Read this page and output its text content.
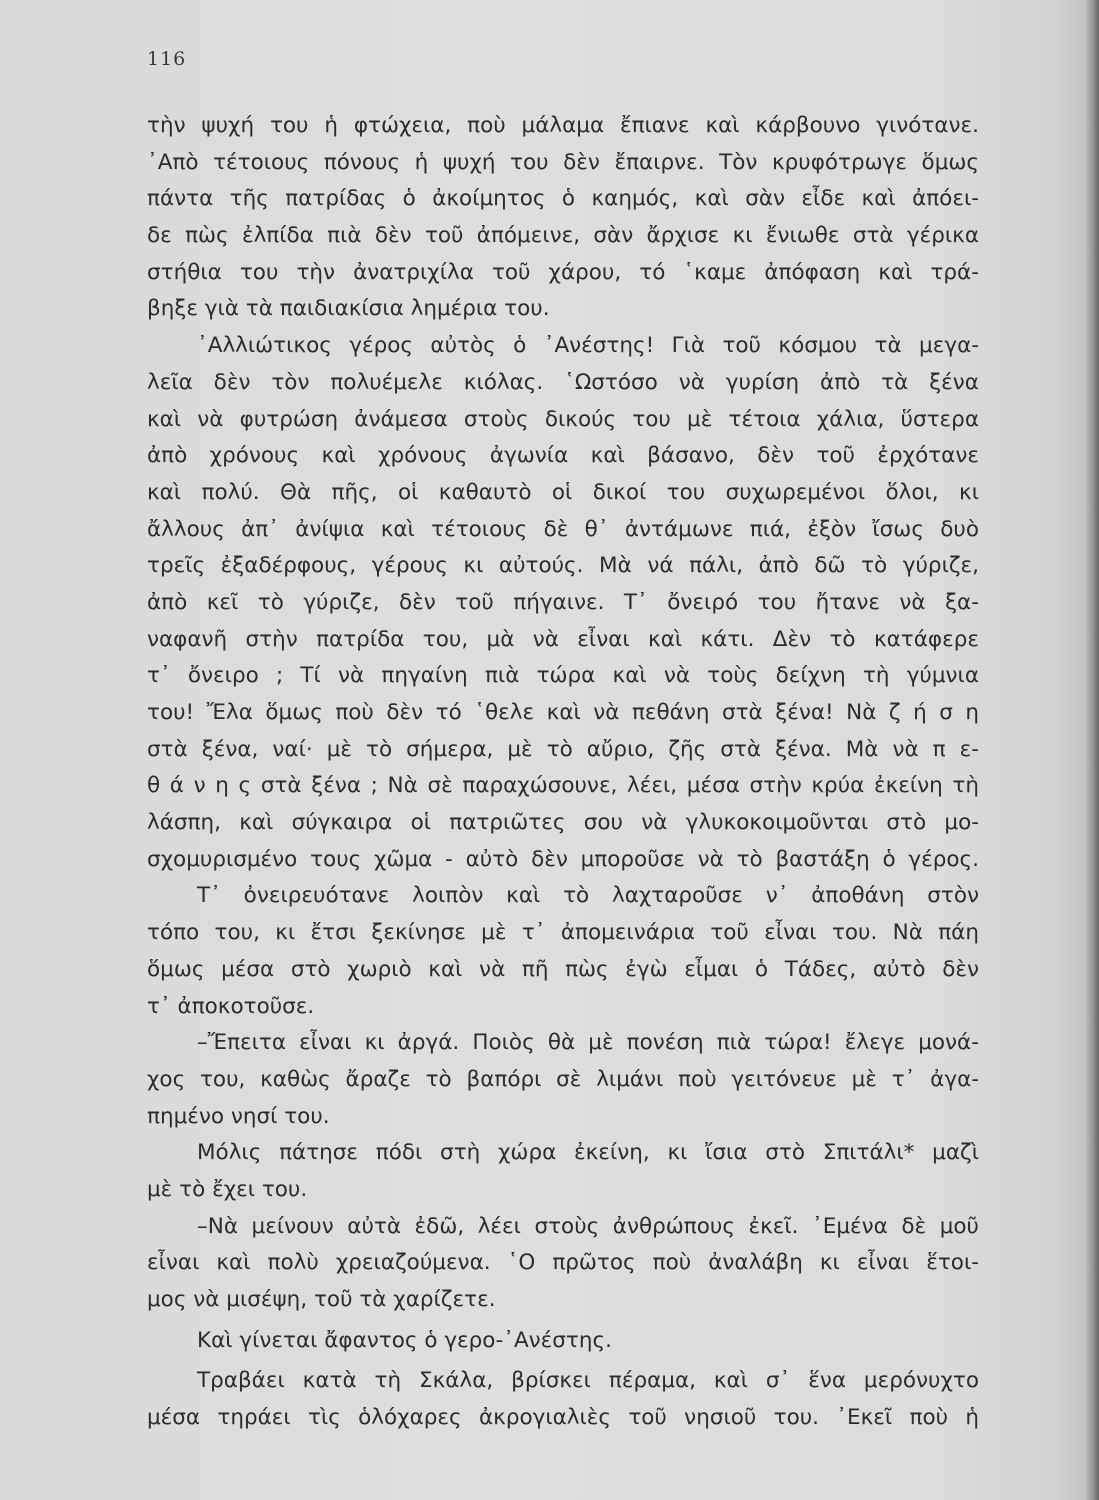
116
τὴν ψυχή του ἡ φτώχεια, ποὺ μάλαμα ἔπιανε καὶ κάρβουνο γινότανε.
᾿Απὸ τέτοιους πόνους ἡ ψυχή του δὲν ἔπαιρνε. Τὸν κρυφότρωγε ὅμως
πάντα τῆς πατρίδας ὁ ἀκοίμητος ὁ καημός, καὶ σὰν εἶδε καὶ ἀπόει-
δε πὼς ἐλπίδα πιὰ δὲν τοῦ ἀπόμεινε, σὰν ἄρχισε κι ἔνιωθε στὰ γέρικα
στήθια του τὴν ἀνατριχίλα τοῦ χάρου, τό ῾καμε ἀπόφαση καὶ τρά-
βηξε γιὰ τὰ παιδιακίσια λημέρια του.
᾿Αλλιώτικος γέρος αὐτὸς ὁ ᾿Ανέστης! Γιὰ τοῦ κόσμου τὰ μεγα-
λεῖα δὲν τὸν πολυέμελε κιόλας. ῾Ωστόσο νὰ γυρίση ἀπὸ τὰ ξένα
καὶ νὰ φυτρώση ἀνάμεσα στοὺς δικούς του μὲ τέτοια χάλια, ὕστερα
ἀπὸ χρόνους καὶ χρόνους ἀγωνία καὶ βάσανο, δὲν τοῦ ἐρχότανε
καὶ πολύ. Θὰ πῆς, οἱ καθαυτὸ οἱ δικοί του συχωρεμένοι ὅλοι, κι
ἄλλους ἀπ᾿ ἀνίψια καὶ τέτοιους δὲ θ᾿ ἀντάμωνε πιά, ἐξὸν ἴσως δυὸ
τρεῖς ἐξαδέρφους, γέρους κι αὐτούς. Μὰ νά πάλι, ἀπὸ δῶ τὸ γύριζε,
ἀπὸ κεῖ τὸ γύριζε, δὲν τοῦ πήγαινε. Τ᾿ ὄνειρό του ἤτανε νὰ ξα-
ναφανῆ στὴν πατρίδα του, μὰ νὰ εἶναι καὶ κάτι. Δὲν τὸ κατάφερε
τ᾿ ὄνειρο ; Τί νὰ πηγαίνη πιὰ τώρα καὶ νὰ τοὺς δείχνη τὴ γύμνια
του! Ἔλα ὅμως ποὺ δὲν τό ῾θελε καὶ νὰ πεθάνη στὰ ξένα! Νὰ ζ ή σ η
στὰ ξένα, ναί· μὲ τὸ σήμερα, μὲ τὸ αὔριο, ζῆς στὰ ξένα. Μὰ νὰ π ε-
θ ά ν η ς στὰ ξένα ; Νὰ σὲ παραχώσουνε, λέει, μέσα στὴν κρύα ἐκείνη τὴ
λάσπη, καὶ σύγκαιρα οἱ πατριῶτες σου νὰ γλυκοκοιμοῦνται στὸ μο-
σχομυρισμένο τους χῶμα - αὐτὸ δὲν μποροῦσε νὰ τὸ βαστάξη ὁ γέρος.
Τ᾿ ὀνειρευότανε λοιπὸν καὶ τὸ λαχταροῦσε ν᾿ ἀποθάνη στὸν
τόπο του, κι ἔτσι ξεκίνησε μὲ τ᾿ ἀπομεινάρια τοῦ εἶναι του. Νὰ πάη
ὅμως μέσα στὸ χωριὸ καὶ νὰ πῆ πὼς ἐγὼ εἶμαι ὁ Τάδες, αὐτὸ δὲν
τ᾿ ἀποκοτοῦσε.
–Ἔπειτα εἶναι κι ἀργά. Ποιὸς θὰ μὲ πονέση πιὰ τώρα! ἔλεγε μονά-
χος του, καθὼς ἄραζε τὸ βαπόρι σὲ λιμάνι ποὺ γειτόνευε μὲ τ᾿ ἀγα-
πημένο νησί του.
Μόλις πάτησε πόδι στὴ χώρα ἐκείνη, κι ἴσια στὸ Σπιτάλι* μαζὶ
μὲ τὸ ἔχει του.
–Νὰ μείνουν αὐτὰ ἐδῶ, λέει στοὺς ἀνθρώπους ἐκεῖ. ᾿Εμένα δὲ μοῦ
εἶναι καὶ πολὺ χρειαζούμενα. ῾Ο πρῶτος ποὺ ἀναλάβη κι εἶναι ἕτοι-
μος νὰ μισέψη, τοῦ τὰ χαρίζετε.
Καὶ γίνεται ἄφαντος ὁ γερο-᾿Ανέστης.
Τραβάει κατὰ τὴ Σκάλα, βρίσκει πέραμα, καὶ σ᾿ ἕνα μερόνυχτο
μέσα τηράει τὶς ὁλόχαρες ἀκρογιαλιὲς τοῦ νησιοῦ του. ᾿Εκεῖ ποὺ ἡ
